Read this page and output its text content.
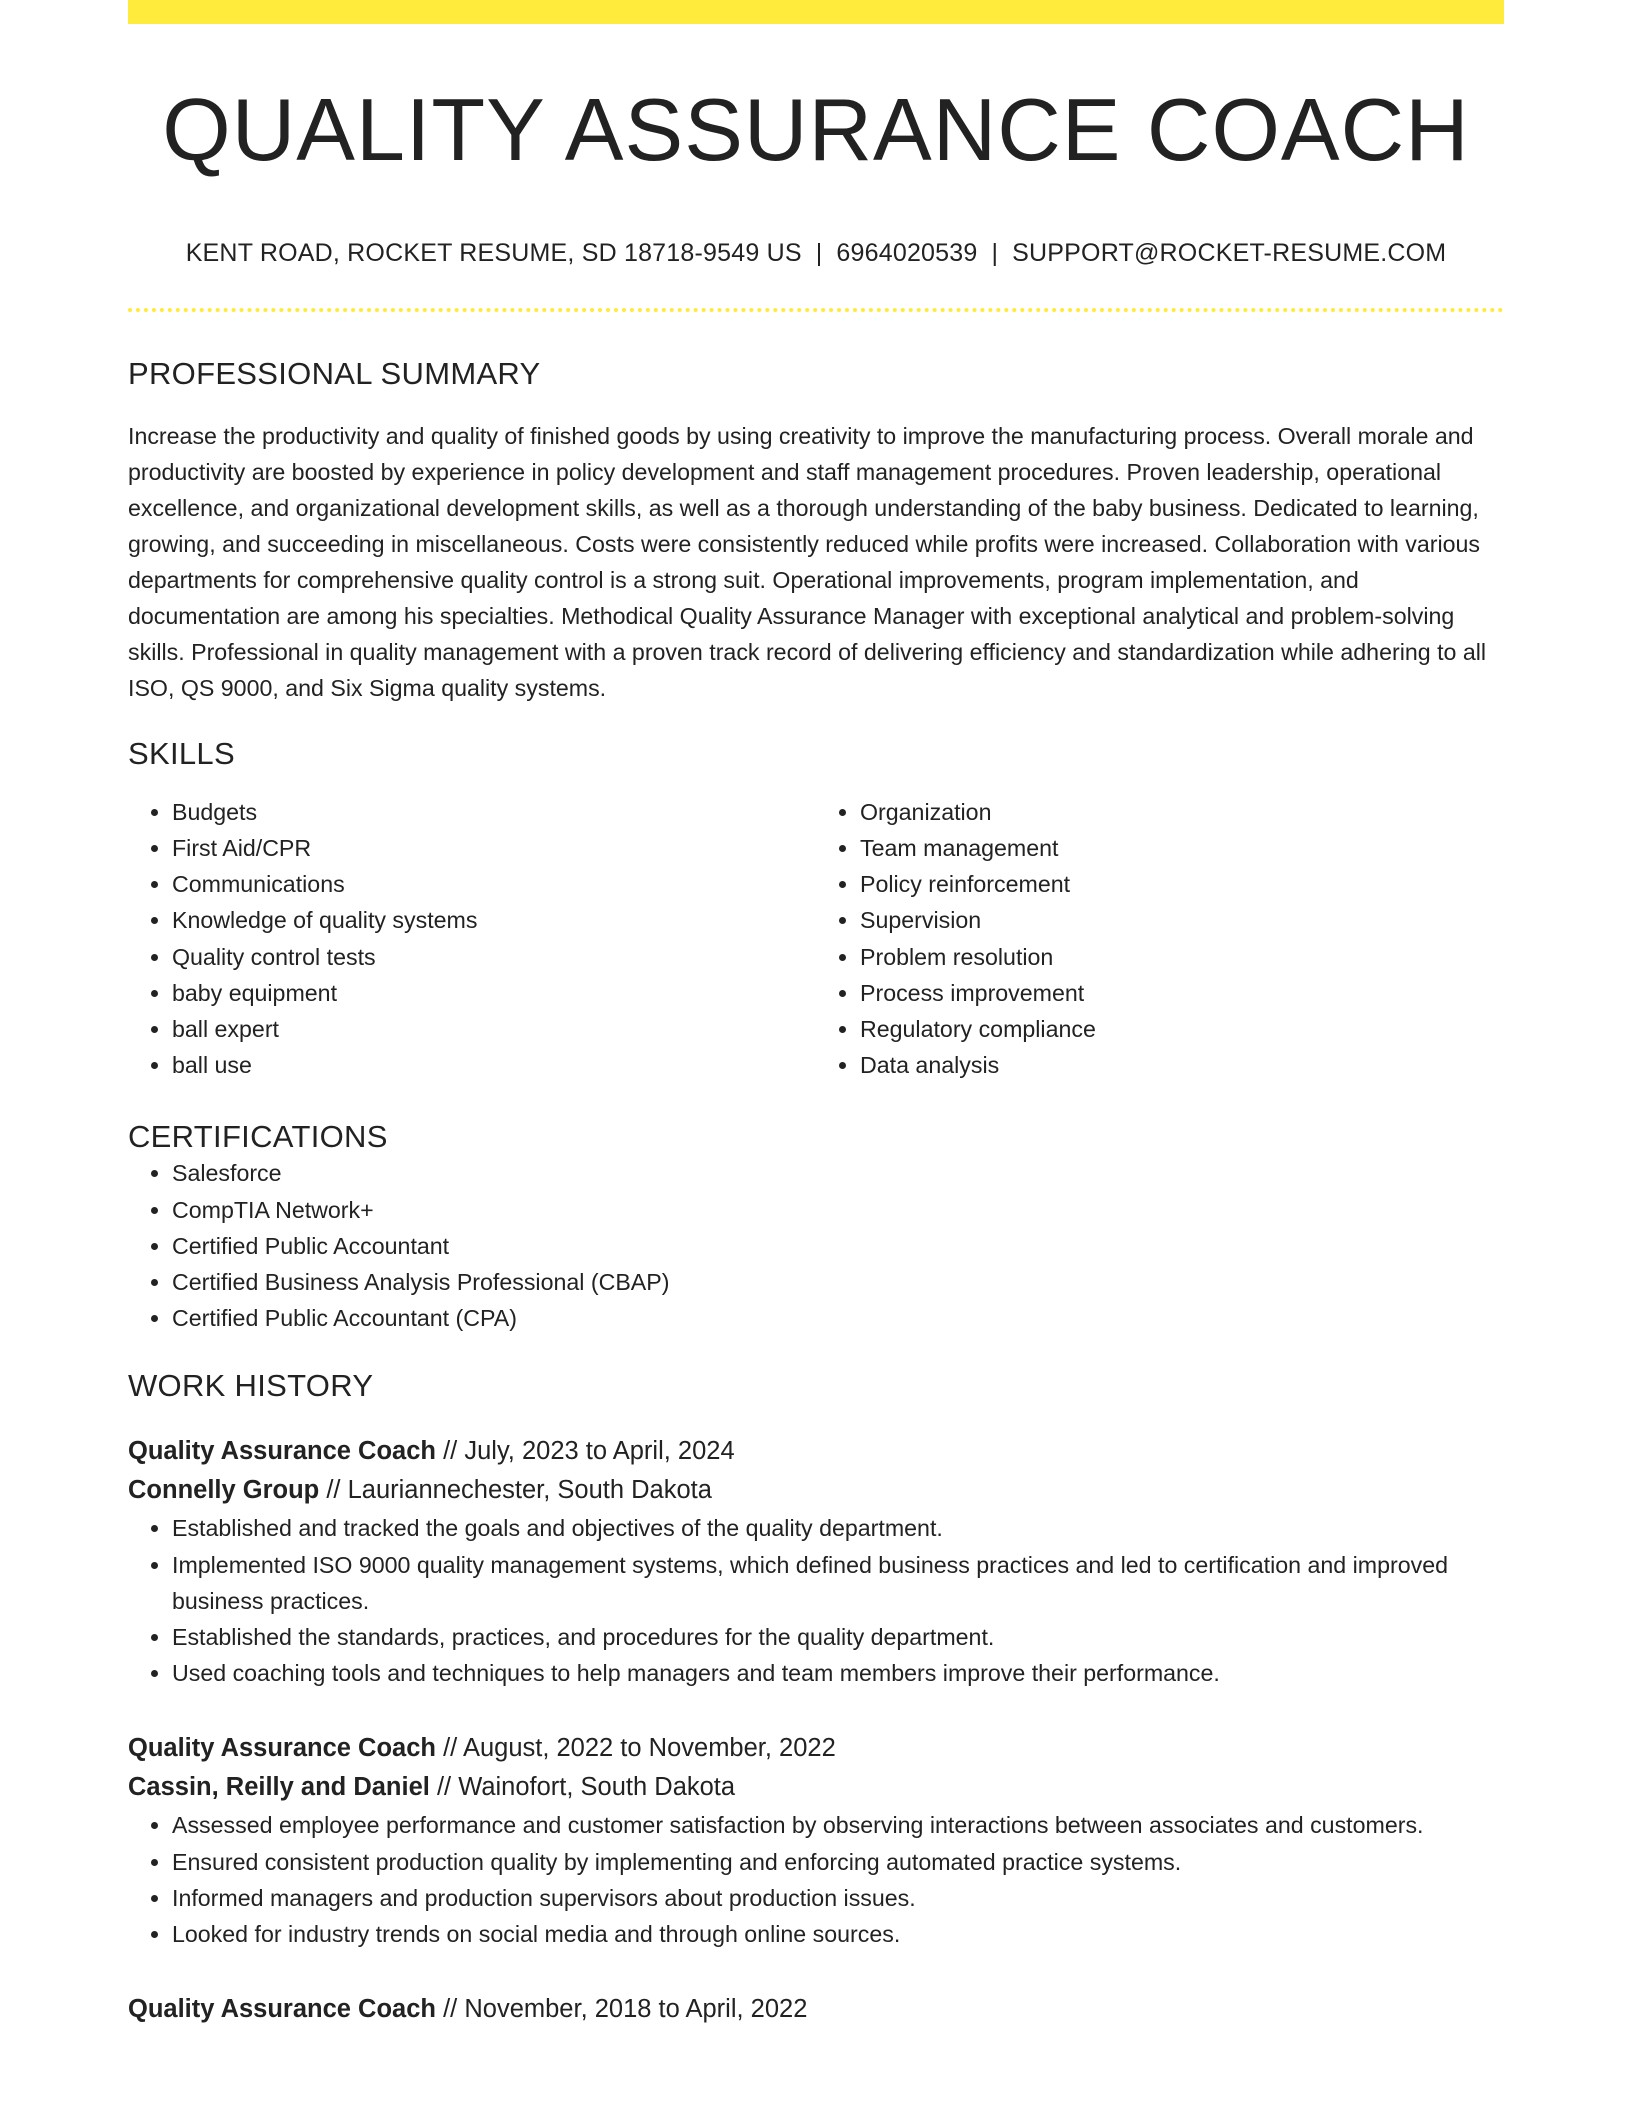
QUALITY ASSURANCE COACH
KENT ROAD, ROCKET RESUME, SD 18718-9549 US | 6964020539 | SUPPORT@ROCKET-RESUME.COM
PROFESSIONAL SUMMARY
Increase the productivity and quality of finished goods by using creativity to improve the manufacturing process. Overall morale and productivity are boosted by experience in policy development and staff management procedures. Proven leadership, operational excellence, and organizational development skills, as well as a thorough understanding of the baby business. Dedicated to learning, growing, and succeeding in miscellaneous. Costs were consistently reduced while profits were increased. Collaboration with various departments for comprehensive quality control is a strong suit. Operational improvements, program implementation, and documentation are among his specialties. Methodical Quality Assurance Manager with exceptional analytical and problem-solving skills. Professional in quality management with a proven track record of delivering efficiency and standardization while adhering to all ISO, QS 9000, and Six Sigma quality systems.
SKILLS
• Budgets
• First Aid/CPR
• Communications
• Knowledge of quality systems
• Quality control tests
• baby equipment
• ball expert
• ball use
• Organization
• Team management
• Policy reinforcement
• Supervision
• Problem resolution
• Process improvement
• Regulatory compliance
• Data analysis
CERTIFICATIONS
• Salesforce
• CompTIA Network+
• Certified Public Accountant
• Certified Business Analysis Professional (CBAP)
• Certified Public Accountant (CPA)
WORK HISTORY
Quality Assurance Coach // July, 2023 to April, 2024
Connelly Group // Lauriannechester, South Dakota
• Established and tracked the goals and objectives of the quality department.
• Implemented ISO 9000 quality management systems, which defined business practices and led to certification and improved business practices.
• Established the standards, practices, and procedures for the quality department.
• Used coaching tools and techniques to help managers and team members improve their performance.
Quality Assurance Coach // August, 2022 to November, 2022
Cassin, Reilly and Daniel // Wainofort, South Dakota
• Assessed employee performance and customer satisfaction by observing interactions between associates and customers.
• Ensured consistent production quality by implementing and enforcing automated practice systems.
• Informed managers and production supervisors about production issues.
• Looked for industry trends on social media and through online sources.
Quality Assurance Coach // November, 2018 to April, 2022
